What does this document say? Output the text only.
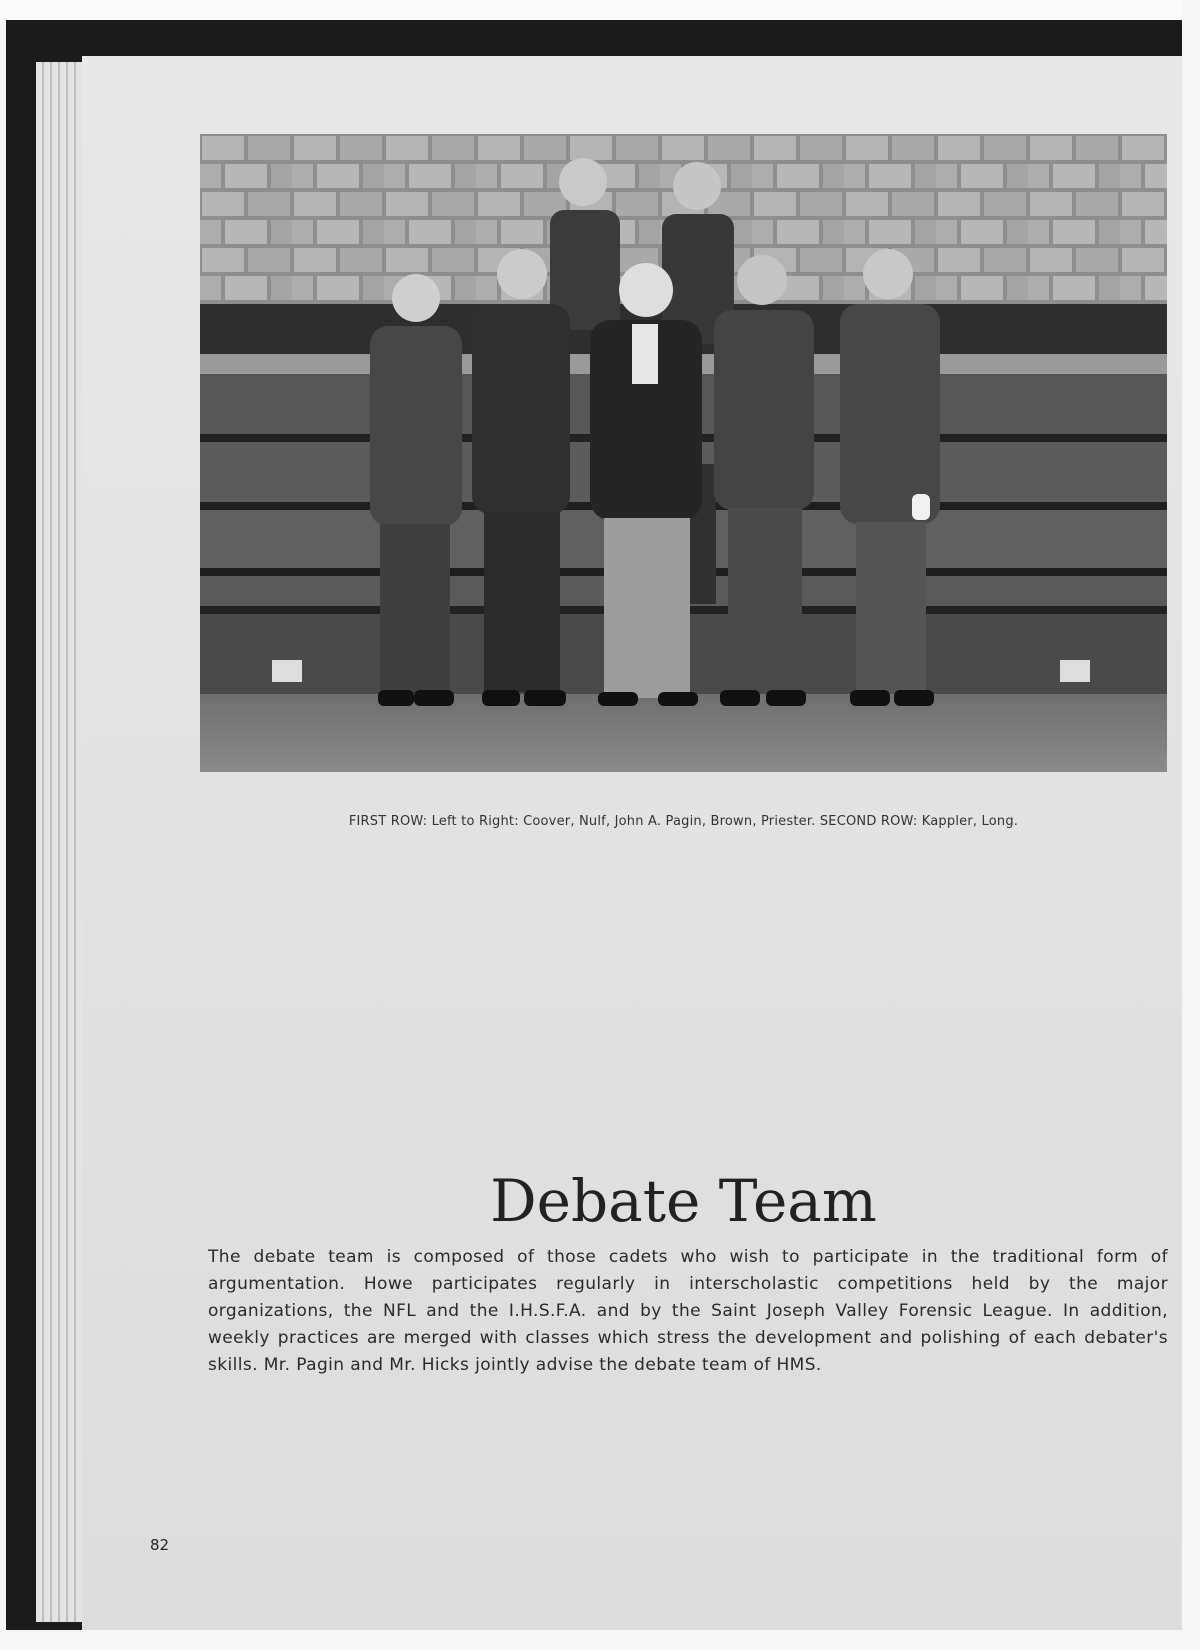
FIRST ROW: Left to Right: Coover, Nulf, John A. Pagin, Brown, Priester. SECOND ROW: Kappler, Long.
Debate Team
The debate team is composed of those cadets who wish to participate in the traditional form of argumentation. Howe participates regularly in interscholastic competitions held by the major organizations, the NFL and the I.H.S.F.A. and by the Saint Joseph Valley Forensic League. In addition, weekly practices are merged with classes which stress the development and polishing of each debater's skills. Mr. Pagin and Mr. Hicks jointly advise the debate team of HMS.
82
